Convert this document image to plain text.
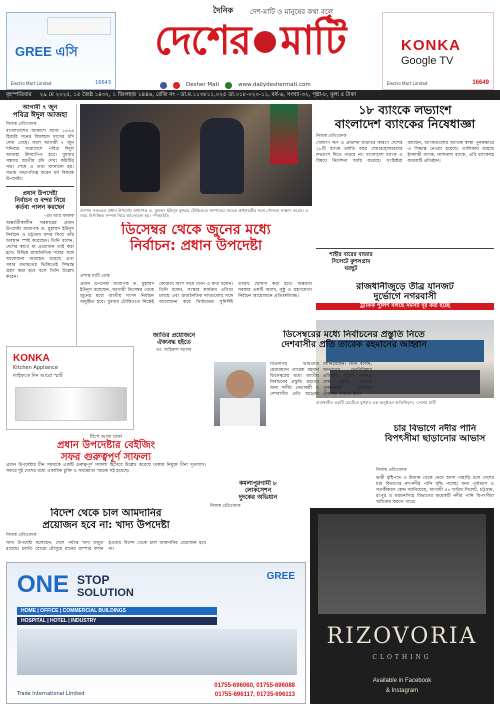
GREE এসি
Electro Mart Limited	16643
দৈনিক দেশ-মাটি ও মানুষের কথা বলে
দেশের মাটি
Desher Mati	www.dailydeshermati.com
KONKA
Google TV
Electro Mart Limited	16649
বৃহস্পতিবার ২৯ মে ২০২৫, ১৫ জৈষ্ঠ ১৪৩২, ১ জিলহজ ১৪৪৬, রেজি নং - ডা.ম.১১৩৮১১,০২৫ ডা.০১৮-০২০-১১, বর্ষ-৬, সংখ্যা-৩২, পৃষ্ঠা-৮, মূল্য ৫ টাকা
আগামী ৭ জুন
পবিত্র ঈদুল আজহা
নিজস্ব প্রতিবেদক
বাংলাদেশের আকাশে আজ ১৪৪৬ হিজরি সনের জিলহজ মাসের চাঁদ দেখা গেছে। ফলে আগামী ৭ জুন শনিবার সারাদেশে পবিত্র ঈদুল আজহা উদযাপিত হবে। বুধবার সন্ধ্যায় জাতীয় চাঁদ দেখা কমিটির সভা শেষে এ তথ্য জানানো হয়। সভায় সভাপতিত্ব করেন ধর্ম বিষয়ক উপদেষ্টা।
প্রধান উপদেষ্টা
নির্বাচন ও বন্দর নিয়ে
কর্তব্য পালন করছেন
-এম আর ফারুক
অন্তর্বর্তীকালীন সরকারের প্রধান উপদেষ্টা অধ্যাপক ড. মুহাম্মদ ইউনূস নির্বাচন ও চট্টগ্রাম বন্দর নিয়ে তাঁর অবস্থান স্পষ্ট করেছেন। তিনি বলেন, দেশের স্বার্থে যা প্রয়োজন তাই করা হবে। বিভিন্ন রাজনৈতিক দলের সঙ্গে আলোচনা অব্যাহত রয়েছে এবং সবার মতামতের ভিত্তিতেই সিদ্ধান্ত গ্রহণ করা হবে বলে তিনি উল্লেখ করেন।
জাপান সফররত প্রধান উপদেষ্টা অধ্যাপক ড. মুহাম্মদ ইউনূস বুধবার টোকিওতে জাপানের সাবেক প্রধানমন্ত্রীর সঙ্গে সৌজন্য সাক্ষাৎ করেন। এ সময় দ্বিপাক্ষিক সম্পর্ক নিয়ে আলোচনা হয়। -পিআইডি
১৮ ব্যাংকে লভ্যাংশ
বাংলাদেশ ব্যাংকের নিষেধাজ্ঞা
নিজস্ব প্রতিবেদক
খেলাপি ঋণ ও প্রভিশন ঘাটতির কারণে দেশের ১৮টি ব্যাংক চলতি বছর শেয়ারহোল্ডারদের লভ্যাংশ দিতে পারবে না। বাংলাদেশ ব্যাংক এ বিষয়ে নির্দেশনা জারি করেছে। সংশ্লিষ্টরা বলছেন, ব্যাংকগুলোর আর্থিক স্বাস্থ্য পুনরুদ্ধারে এ সিদ্ধান্ত নেওয়া হয়েছে। তালিকায় রয়েছে ইসলামী ব্যাংক, ন্যাশনাল ব্যাংক, এবি ব্যাংকসহ কয়েকটি প্রতিষ্ঠান।
শাহীর বারের বাজার
সিলেটে কুশলগ্রাম
ঘরছুট
ডিসেম্বর থেকে জুনের মধ্যে
নির্বাচন: প্রধান উপদেষ্টা
রাজধানীজুড়ে তীব্র যানজট
দুর্ভোগে নগরবাসী
ট্রাফিক পুলিশ বলছে সমস্যা দূর করা হচ্ছে
প্রশান্ত মাটি ডেস্ক
প্রধান উপদেষ্টা অধ্যাপক ড. মুহাম্মদ ইউনূস বলেছেন, আগামী ডিসেম্বর থেকে জুনের মধ্যে জাতীয় সংসদ নির্বাচন অনুষ্ঠিত হবে। বুধবার টোকিওতে নিক্কেই ফোরামে অংশ নিয়ে তিনি এ কথা বলেন। তিনি বলেন, সংস্কার কার্যক্রম এগিয়ে চলছে এবং রাজনৈতিক দলগুলোর সঙ্গে আলোচনা করে নির্বাচনের সুনির্দিষ্ট তারিখ ঘোষণা করা হবে। অন্তর্বর্তী সরকার একটি অবাধ, সুষ্ঠু ও গ্রহণযোগ্য নির্বাচন আয়োজনে প্রতিশ্রুতিবদ্ধ।
রাজধানীর একটি হোটেলে বুধবার এক অনুষ্ঠানে অতিথিবৃন্দ। -দেশের মাটি
KONKA
Kitchen Appliance
লাইফকে দিন আরো স্মার্ট
জাতির প্রয়োজনে
ঐক্যবদ্ধ হইতে
ডা. জহিরুল আলম
ডিসেম্বরের মধ্যে নির্বাচনের প্রস্তুতি নিতে
দেশবাসীর প্রতি তারেক রহমানের আহ্বান
বিএনপির ভারপ্রাপ্ত চেয়ারম্যান তারেক রহমান ডিসেম্বরের মধ্যে জাতীয় নির্বাচনের প্রস্তুতি গ্রহণের জন্য দলীয় নেতাকর্মী ও দেশবাসীর প্রতি আহ্বান জানিয়েছেন। তিনি বলেন, জনগণের ভোটাধিকার প্রতিষ্ঠার লড়াই এখনও শেষ হয়নি। গণতন্ত্র পুনরুদ্ধারে সবাইকে ঐক্যবদ্ধ থাকতে হবে।
চার বিভাগে নদীর পানি
বিপৎসীমা ছাড়ানোর আভাস
নিজস্ব প্রতিবেদক
ভারী বৃষ্টিপাত ও উজান থেকে নেমে আসা পাহাড়ি ঢলে দেশের চার বিভাগের নদ-নদীর পানি বৃদ্ধি পাচ্ছে। বন্যা পূর্বাভাস ও সতর্কীকরণ কেন্দ্র জানিয়েছে, আগামী ৪৮ ঘণ্টায় সিলেট, চট্টগ্রাম, রংপুর ও ময়মনসিংহ বিভাগের কয়েকটি নদীর পানি বিপৎসীমা অতিক্রম করতে পারে।
টীপে আজ ঢাকা
প্রধান উপদেষ্টার বেইজিং
সফর গুরুত্বপূর্ণ সাফল্য
প্রধান উপদেষ্টার চীন সফরকে একটি গুরুত্বপূর্ণ সাফল্য হিসেবে উল্লেখ করেছে ঢাকায় নিযুক্ত চীনা দূতাবাস। সফরে দুই দেশের মধ্যে একাধিক চুক্তি ও সমঝোতা স্মারক সই হয়েছে।
বিদেশ থেকে চাল আমদানির
প্রয়োজন হবে না: খাদ্য উপদেষ্টা
নিজস্ব প্রতিবেদক
খাদ্য উপদেষ্টা বলেছেন, দেশে পর্যাপ্ত খাদ্য মজুত রয়েছে। চলতি বোরো মৌসুমে ধানের বাম্পার ফলন হওয়ায় বিদেশ থেকে চাল আমদানির প্রয়োজন হবে না।
কমলাপুরগামী ৮
লোকসেশন
দুদকের অভিযান
নিজস্ব প্রতিবেদক
GREE
ONE STOP
SOLUTION
HOME | OFFICE | COMMERCIAL BUILDINGS
HOSPITAL | HOTEL | INDUSTRY
Trade International Limited
01755-696060, 01755-696088
01755-696117, 01735-696113
RIZOVORIA
CLOTHING
Available in Facebook
& Instagram
